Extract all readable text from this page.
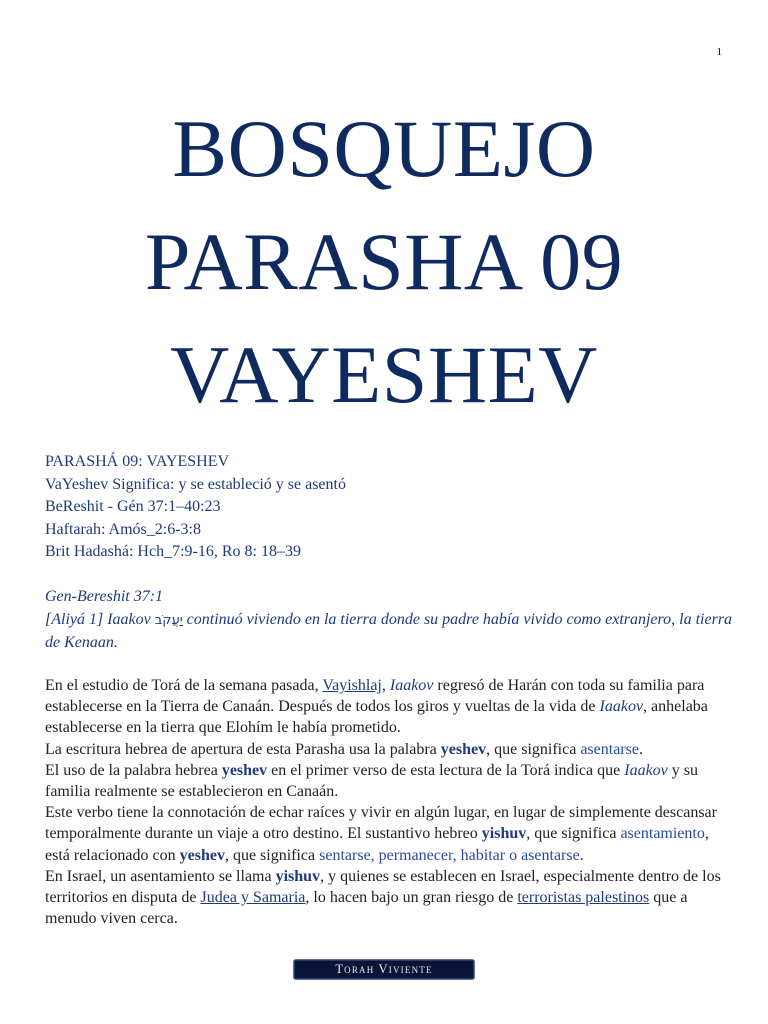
1
BOSQUEJO
PARASHA 09
VAYESHEV
PARASHÁ 09: VAYESHEV
VaYeshev Significa: y se estableció y se asentó
BeReshit - Gén 37:1–40:23
Haftarah: Amós_2:6-3:8
Brit Hadashá: Hch_7:9-16, Ro 8: 18–39
Gen-Bereshit 37:1
[Aliyá 1] Iaakov יַעֲקֹב continuó viviendo en la tierra donde su padre había vivido como extranjero, la tierra de Kenaan.

En el estudio de Torá de la semana pasada, Vayishlaj, Iaakov regresó de Harán con toda su familia para establecerse en la Tierra de Canaán. Después de todos los giros y vueltas de la vida de Iaakov, anhelaba establecerse en la tierra que Elohím le había prometido.

La escritura hebrea de apertura de esta Parasha usa la palabra yeshev, que significa asentarse.

El uso de la palabra hebrea yeshev en el primer verso de esta lectura de la Torá indica que Iaakov y su familia realmente se establecieron en Canaán.

Este verbo tiene la connotación de echar raíces y vivir en algún lugar, en lugar de simplemente descansar temporalmente durante un viaje a otro destino. El sustantivo hebreo yishuv, que significa asentamiento, está relacionado con yeshev, que significa sentarse, permanecer, habitar o asentarse.

En Israel, un asentamiento se llama yishuv, y quienes se establecen en Israel, especialmente dentro de los territorios en disputa de Judea y Samaria, lo hacen bajo un gran riesgo de terroristas palestinos que a menudo viven cerca.

Torah Viviente
